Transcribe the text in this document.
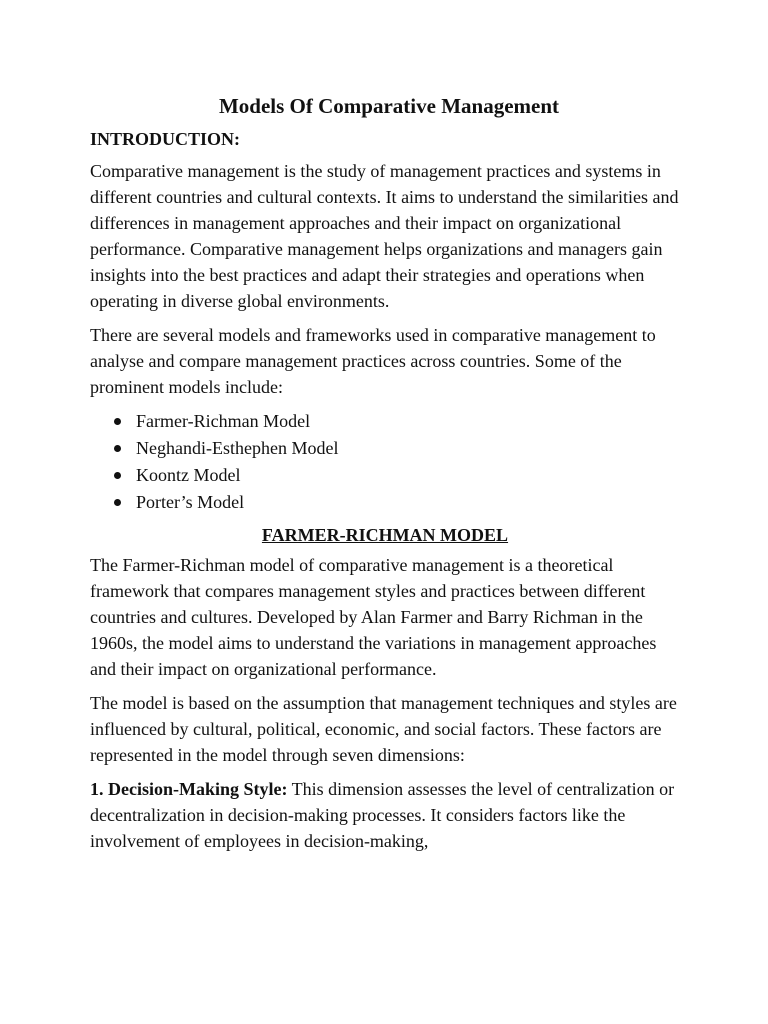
Models Of Comparative Management
INTRODUCTION:

Comparative management is the study of management practices and systems in different countries and cultural contexts. It aims to understand the similarities and differences in management approaches and their impact on organizational performance. Comparative management helps organizations and managers gain insights into the best practices and adapt their strategies and operations when operating in diverse global environments.

There are several models and frameworks used in comparative management to analyse and compare management practices across countries. Some of the prominent models include:

Farmer-Richman Model
Neghandi-Esthephen Model
Koontz Model
Porter’s Model
FARMER-RICHMAN MODEL

The Farmer-Richman model of comparative management is a theoretical framework that compares management styles and practices between different countries and cultures. Developed by Alan Farmer and Barry Richman in the 1960s, the model aims to understand the variations in management approaches and their impact on organizational performance.

The model is based on the assumption that management techniques and styles are influenced by cultural, political, economic, and social factors. These factors are represented in the model through seven dimensions:

1. Decision-Making Style: This dimension assesses the level of centralization or decentralization in decision-making processes. It considers factors like the involvement of employees in decision-making,
